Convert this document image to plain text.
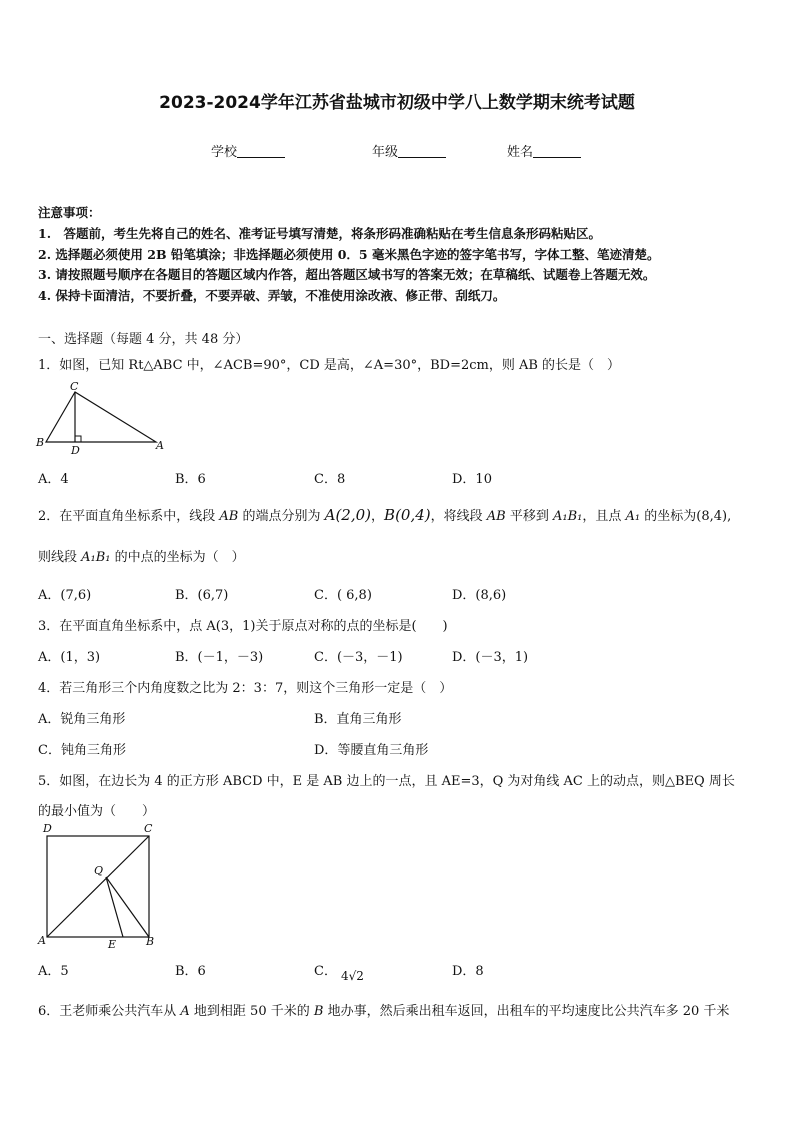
2023-2024学年江苏省盐城市初级中学八上数学期末统考试题
学校	年级	姓名
注意事项：
1.　答题前，考生先将自己的姓名、准考证号填写清楚，将条形码准确粘贴在考生信息条形码粘贴区。
2. 选择题必须使用 2B 铅笔填涂；非选择题必须使用 0．5 毫米黑色字迹的签字笔书写，字体工整、笔迹清楚。
3. 请按照题号顺序在各题目的答题区域内作答，超出答题区域书写的答案无效；在草稿纸、试题卷上答题无效。
4. 保持卡面清洁，不要折叠，不要弄破、弄皱，不准使用涂改液、修正带、刮纸刀。
一、选择题（每题 4 分，共 48 分）
1．如图，已知 Rt△ABC 中，∠ACB=90°，CD 是高，∠A=30°，BD=2cm，则 AB 的长是（　）
C
B
D	A
A．4	B．6	C．8	D．10
2．在平面直角坐标系中，线段 AB 的端点分别为 A(2,0)，B(0,4)，将线段 AB 平移到 A₁B₁，且点 A₁ 的坐标为(8,4),
则线段 A₁B₁ 的中点的坐标为（　）
A．(7,6)	B．(6,7)	C．( 6,8)	D．(8,6)
3．在平面直角坐标系中，点 A(3，1)关于原点对称的点的坐标是(　　)
A．(1，3)	B．(－1，－3)	C．(－3，－1)	D．(－3，1)
4．若三角形三个内角度数之比为 2：3：7，则这个三角形一定是（　）
A．锐角三角形	B．直角三角形
C．钝角三角形	D．等腰直角三角形
5．如图，在边长为 4 的正方形 ABCD 中，E 是 AB 边上的一点，且 AE=3，Q 为对角线 AC 上的动点，则△BEQ 周长
的最小值为（　　）
D	C
Q
A	E	B
A．5	B．6	C． 4√2	D．8
6．王老师乘公共汽车从 A 地到相距 50 千米的 B 地办事，然后乘出租车返回，出租车的平均速度比公共汽车多 20 千米
